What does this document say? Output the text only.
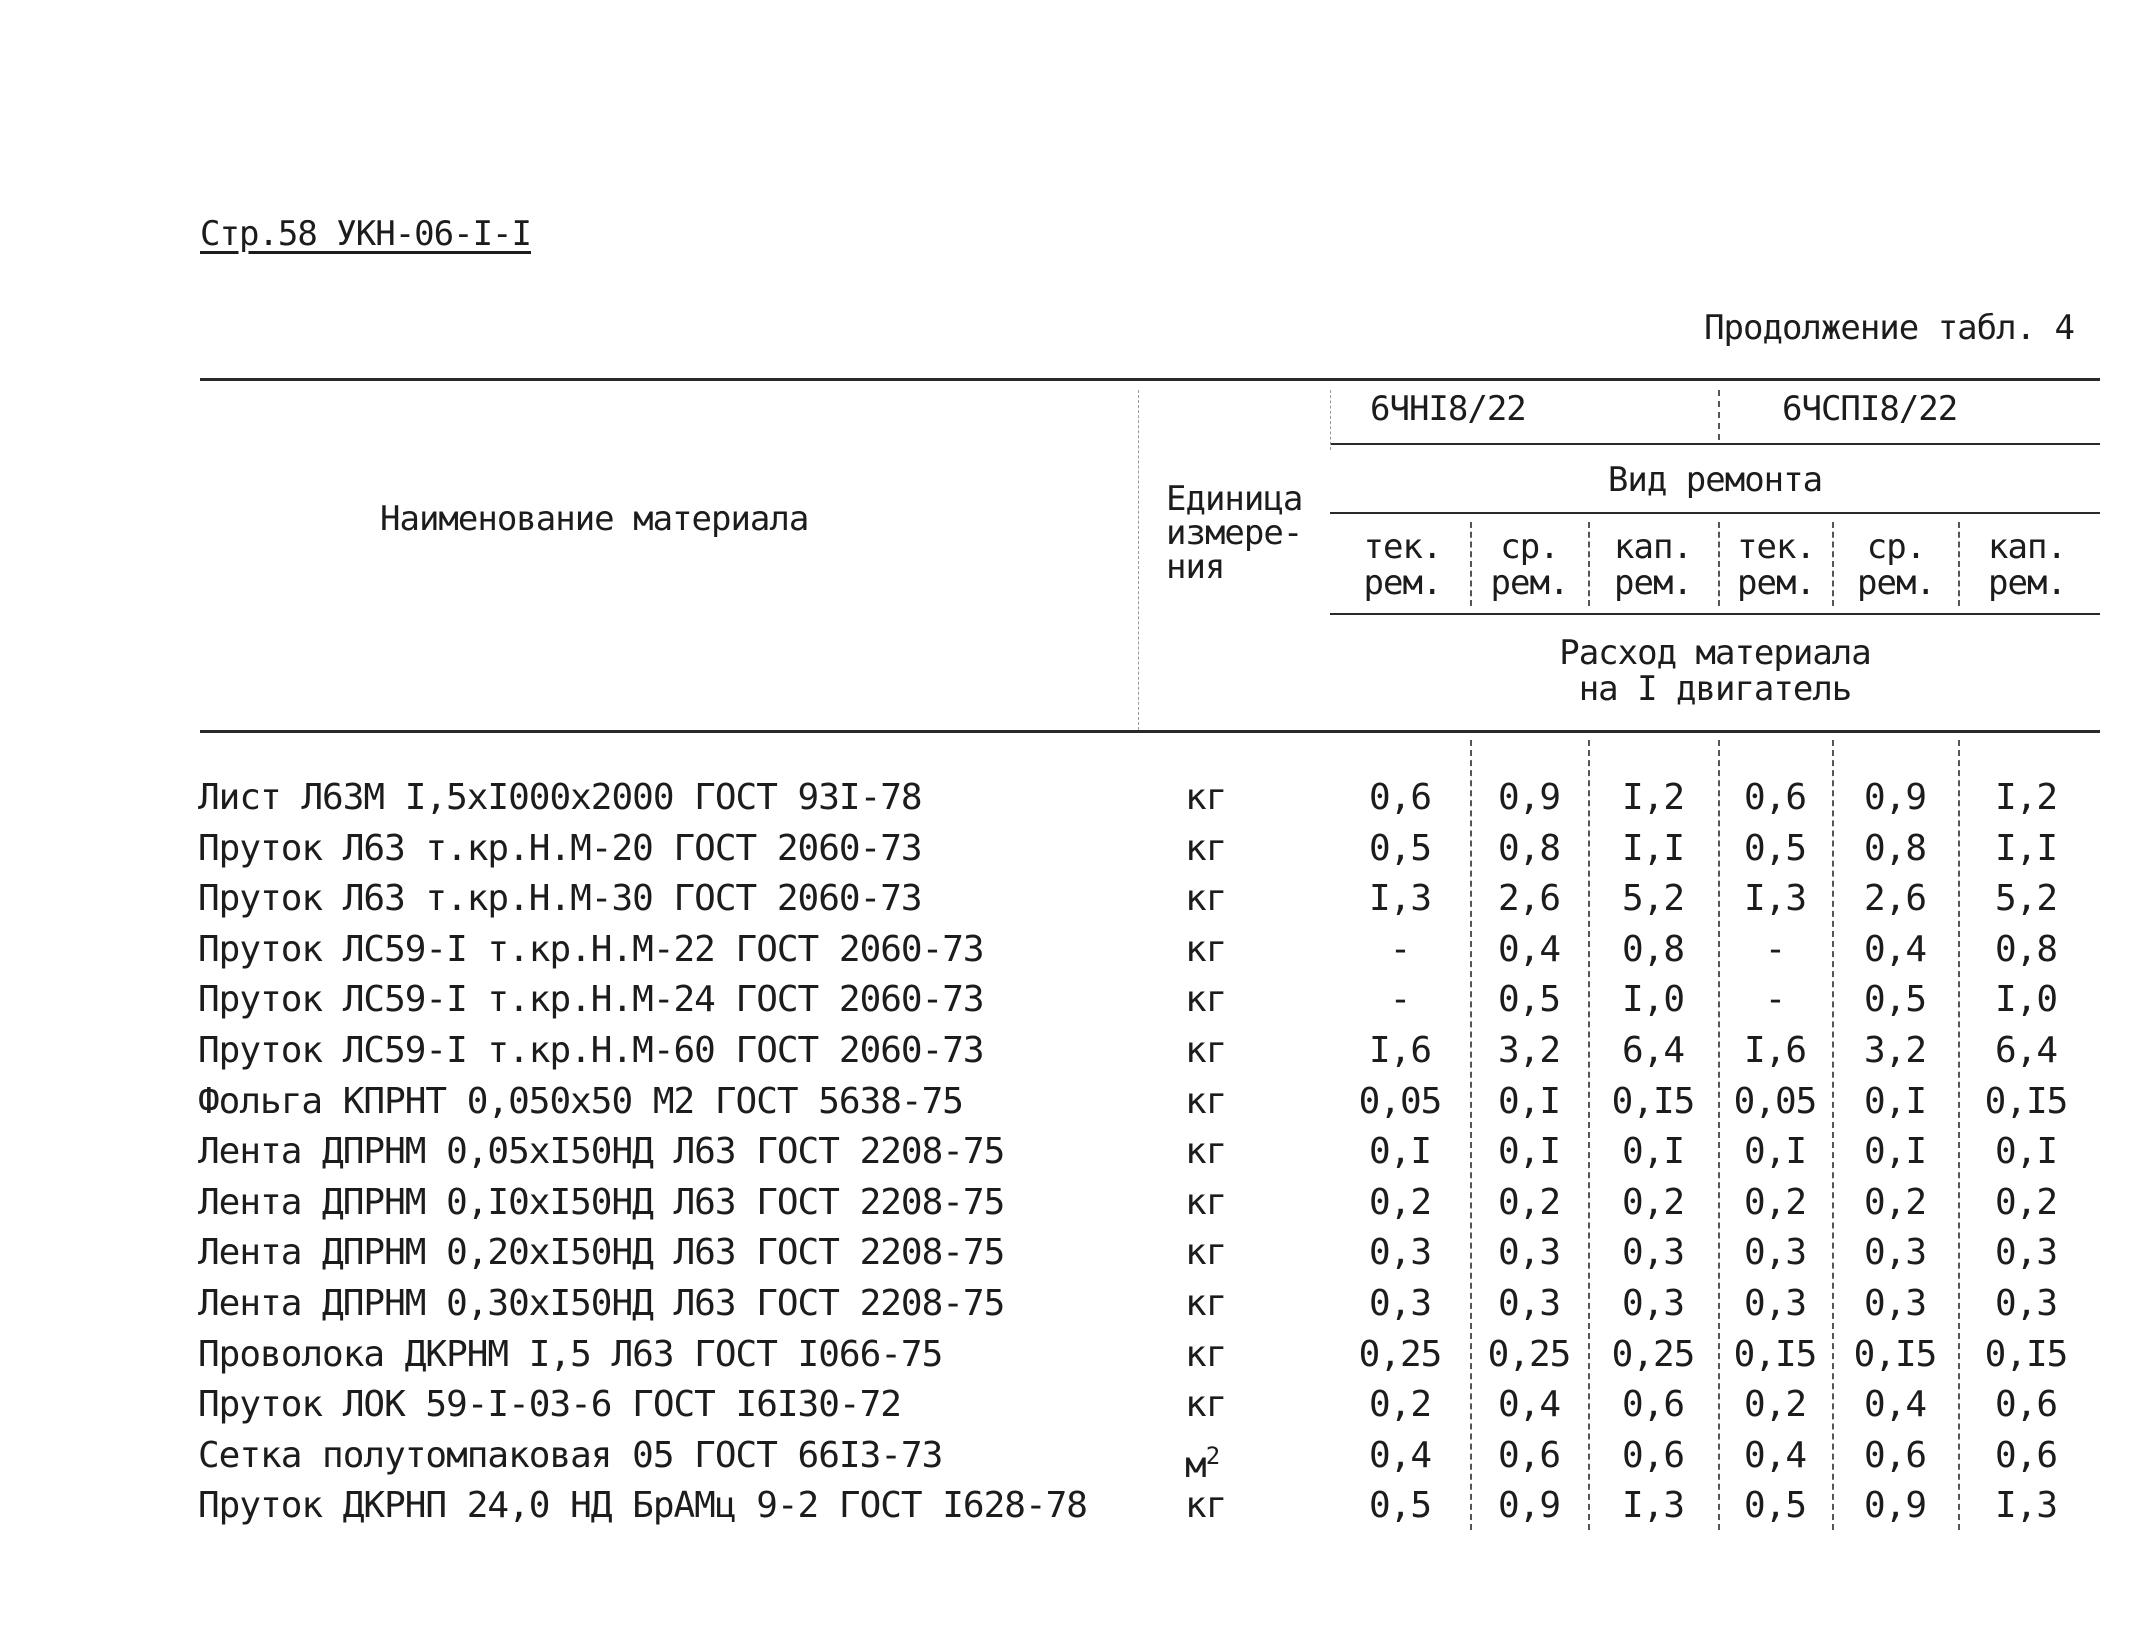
Стр.58 УКН-06-I-I
Продолжение табл. 4
Наименование материала	Единица
измере-
ния
6ЧНI8/22	6ЧСПI8/22
Вид ремонта
тек.
рем.
ср.
рем.
кап.
рем.
тек.
рем.
ср.
рем.
кап.
рем.
Расход материала
на I двигатель
Лист Л63М I,5хI000х2000 ГОСТ 93I-78	кг	0,6	0,9	I,2	0,6	0,9	I,2
Пруток Л63 т.кр.Н.М-20 ГОСТ 2060-73	кг	0,5	0,8	I,I	0,5	0,8	I,I
Пруток Л63 т.кр.Н.М-30 ГОСТ 2060-73	кг	I,3	2,6	5,2	I,3	2,6	5,2
Пруток ЛС59-I т.кр.Н.М-22 ГОСТ 2060-73	кг	-	0,4	0,8	-	0,4	0,8
Пруток ЛС59-I т.кр.Н.М-24 ГОСТ 2060-73	кг	-	0,5	I,0	-	0,5	I,0
Пруток ЛС59-I т.кр.Н.М-60 ГОСТ 2060-73	кг	I,6	3,2	6,4	I,6	3,2	6,4
Фольга КПРНТ 0,050х50 М2 ГОСТ 5638-75	кг	0,05	0,I	0,I5	0,05	0,I	0,I5
Лента ДПРНМ 0,05хI50НД Л63 ГОСТ 2208-75	кг	0,I	0,I	0,I	0,I	0,I	0,I
Лента ДПРНМ 0,I0хI50НД Л63 ГОСТ 2208-75	кг	0,2	0,2	0,2	0,2	0,2	0,2
Лента ДПРНМ 0,20хI50НД Л63 ГОСТ 2208-75	кг	0,3	0,3	0,3	0,3	0,3	0,3
Лента ДПРНМ 0,30хI50НД Л63 ГОСТ 2208-75	кг	0,3	0,3	0,3	0,3	0,3	0,3
Проволока ДКРНМ I,5 Л63 ГОСТ I066-75	кг	0,25	0,25	0,25	0,I5	0,I5	0,I5
Пруток ЛОК 59-I-03-6 ГОСТ I6I30-72	кг	0,2	0,4	0,6	0,2	0,4	0,6
Сетка полутомпаковая 05 ГОСТ 66I3-73	$м^2$	0,4	0,6	0,6	0,4	0,6	0,6
Пруток ДКРНП 24,0 НД БрАМц 9-2 ГОСТ I628-78	кг	0,5	0,9	I,3	0,5	0,9	I,3
